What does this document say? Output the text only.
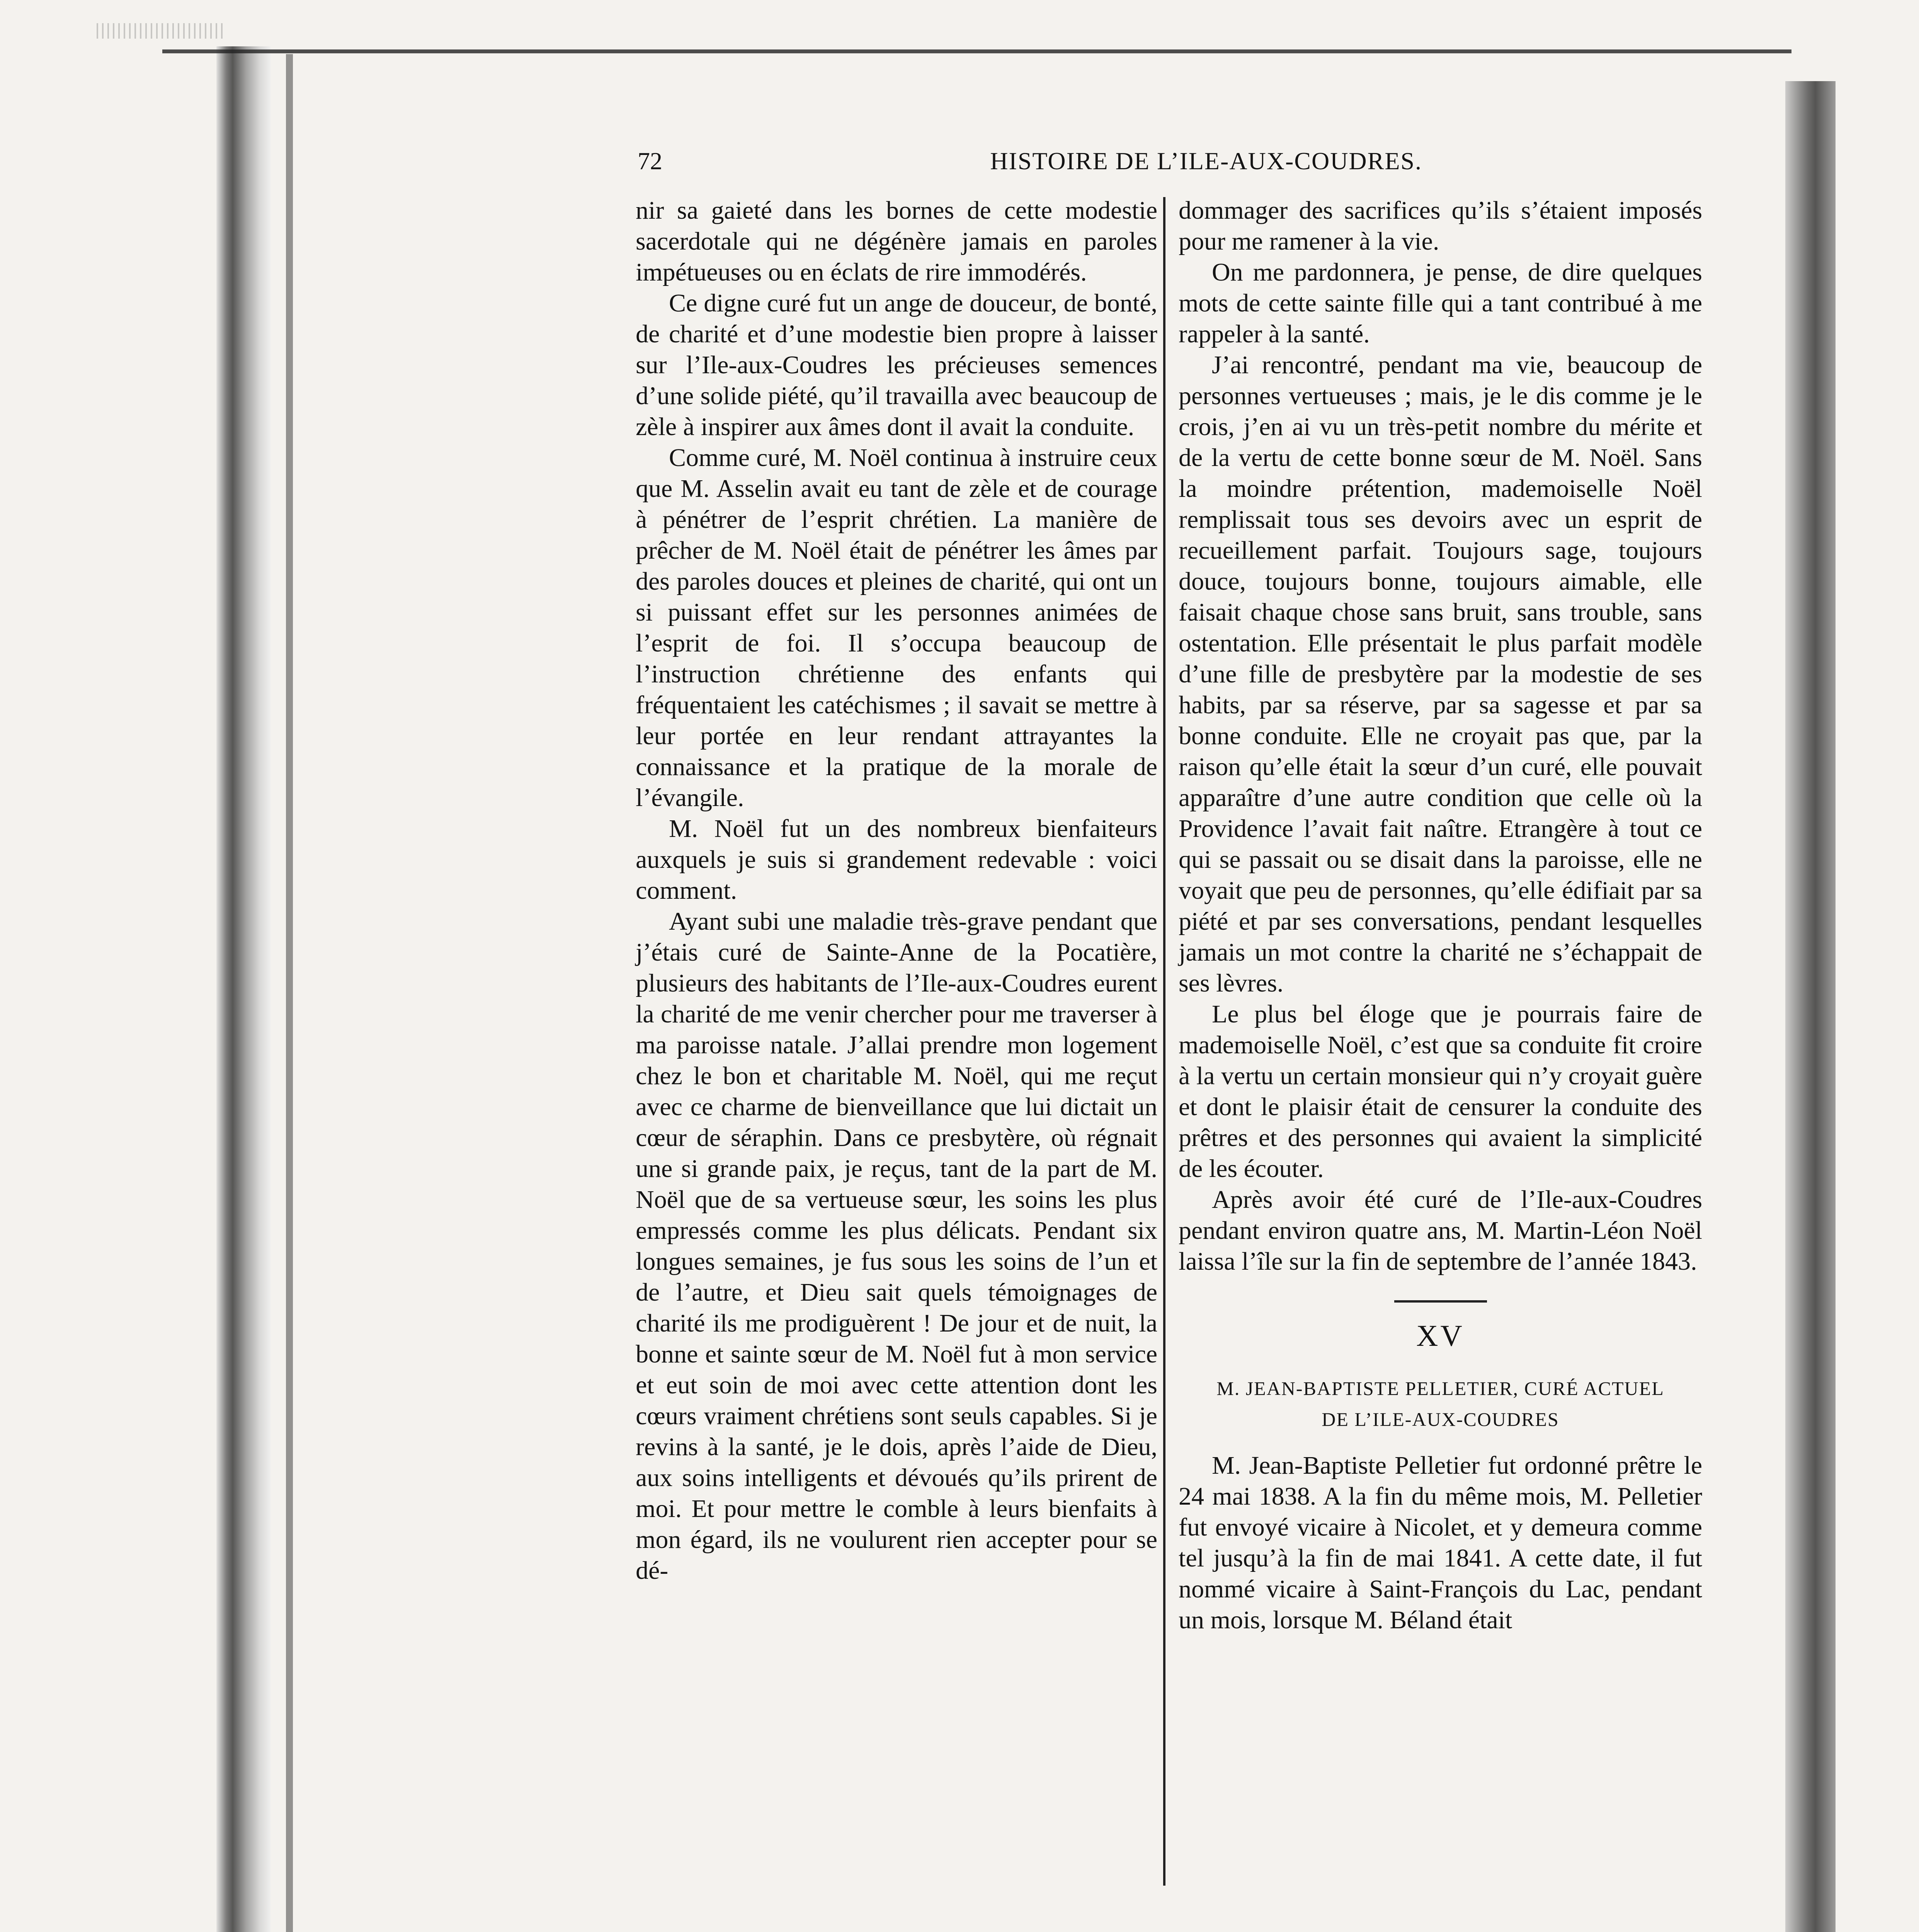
72	HISTOIRE DE L’ILE-AUX-COUDRES.

nir sa gaieté dans les bornes de cette modestie sacerdotale qui ne dégénère jamais en paroles impétueuses ou en éclats de rire immodérés.

Ce digne curé fut un ange de douceur, de bonté, de charité et d’une modestie bien propre à laisser sur l’Ile-aux-Coudres les précieuses semences d’une solide piété, qu’il travailla avec beaucoup de zèle à inspirer aux âmes dont il avait la conduite.

Comme curé, M. Noël continua à instruire ceux que M. Asselin avait eu tant de zèle et de courage à pénétrer de l’esprit chrétien. La manière de prêcher de M. Noël était de pénétrer les âmes par des paroles douces et pleines de charité, qui ont un si puissant effet sur les personnes animées de l’esprit de foi. Il s’occupa beaucoup de l’instruction chrétienne des enfants qui fréquentaient les catéchismes ; il savait se mettre à leur portée en leur rendant attrayantes la connaissance et la pratique de la morale de l’évangile.

M. Noël fut un des nombreux bienfaiteurs auxquels je suis si grandement redevable : voici comment.

Ayant subi une maladie très-grave pendant que j’étais curé de Sainte-Anne de la Pocatière, plusieurs des habitants de l’Ile-aux-Coudres eurent la charité de me venir chercher pour me traverser à ma paroisse natale. J’allai prendre mon logement chez le bon et charitable M. Noël, qui me reçut avec ce charme de bienveillance que lui dictait un cœur de séraphin. Dans ce presbytère, où régnait une si grande paix, je reçus, tant de la part de M. Noël que de sa vertueuse sœur, les soins les plus empressés comme les plus délicats. Pendant six longues semaines, je fus sous les soins de l’un et de l’autre, et Dieu sait quels témoignages de charité ils me prodiguèrent ! De jour et de nuit, la bonne et sainte sœur de M. Noël fut à mon service et eut soin de moi avec cette attention dont les cœurs vraiment chrétiens sont seuls capables. Si je revins à la santé, je le dois, après l’aide de Dieu, aux soins intelligents et dévoués qu’ils prirent de moi. Et pour mettre le comble à leurs bienfaits à mon égard, ils ne voulurent rien accepter pour se dé-

dommager des sacrifices qu’ils s’étaient imposés pour me ramener à la vie.

On me pardonnera, je pense, de dire quelques mots de cette sainte fille qui a tant contribué à me rappeler à la santé.

J’ai rencontré, pendant ma vie, beaucoup de personnes vertueuses ; mais, je le dis comme je le crois, j’en ai vu un très-petit nombre du mérite et de la vertu de cette bonne sœur de M. Noël. Sans la moindre prétention, mademoiselle Noël remplissait tous ses devoirs avec un esprit de recueillement parfait. Toujours sage, toujours douce, toujours bonne, toujours aimable, elle faisait chaque chose sans bruit, sans trouble, sans ostentation. Elle présentait le plus parfait modèle d’une fille de presbytère par la modestie de ses habits, par sa réserve, par sa sagesse et par sa bonne conduite. Elle ne croyait pas que, par la raison qu’elle était la sœur d’un curé, elle pouvait apparaître d’une autre condition que celle où la Providence l’avait fait naître. Etrangère à tout ce qui se passait ou se disait dans la paroisse, elle ne voyait que peu de personnes, qu’elle édifiait par sa piété et par ses conversations, pendant lesquelles jamais un mot contre la charité ne s’échappait de ses lèvres.

Le plus bel éloge que je pourrais faire de mademoiselle Noël, c’est que sa conduite fit croire à la vertu un certain monsieur qui n’y croyait guère et dont le plaisir était de censurer la conduite des prêtres et des personnes qui avaient la simplicité de les écouter.

Après avoir été curé de l’Ile-aux-Coudres pendant environ quatre ans, M. Martin-Léon Noël laissa l’île sur la fin de septembre de l’année 1843.

XV
M. JEAN-BAPTISTE PELLETIER, CURÉ ACTUEL
DE L’ILE-AUX-COUDRES

M. Jean-Baptiste Pelletier fut ordonné prêtre le 24 mai 1838. A la fin du même mois, M. Pelletier fut envoyé vicaire à Nicolet, et y demeura comme tel jusqu’à la fin de mai 1841. A cette date, il fut nommé vicaire à Saint-François du Lac, pendant un mois, lorsque M. Béland était
